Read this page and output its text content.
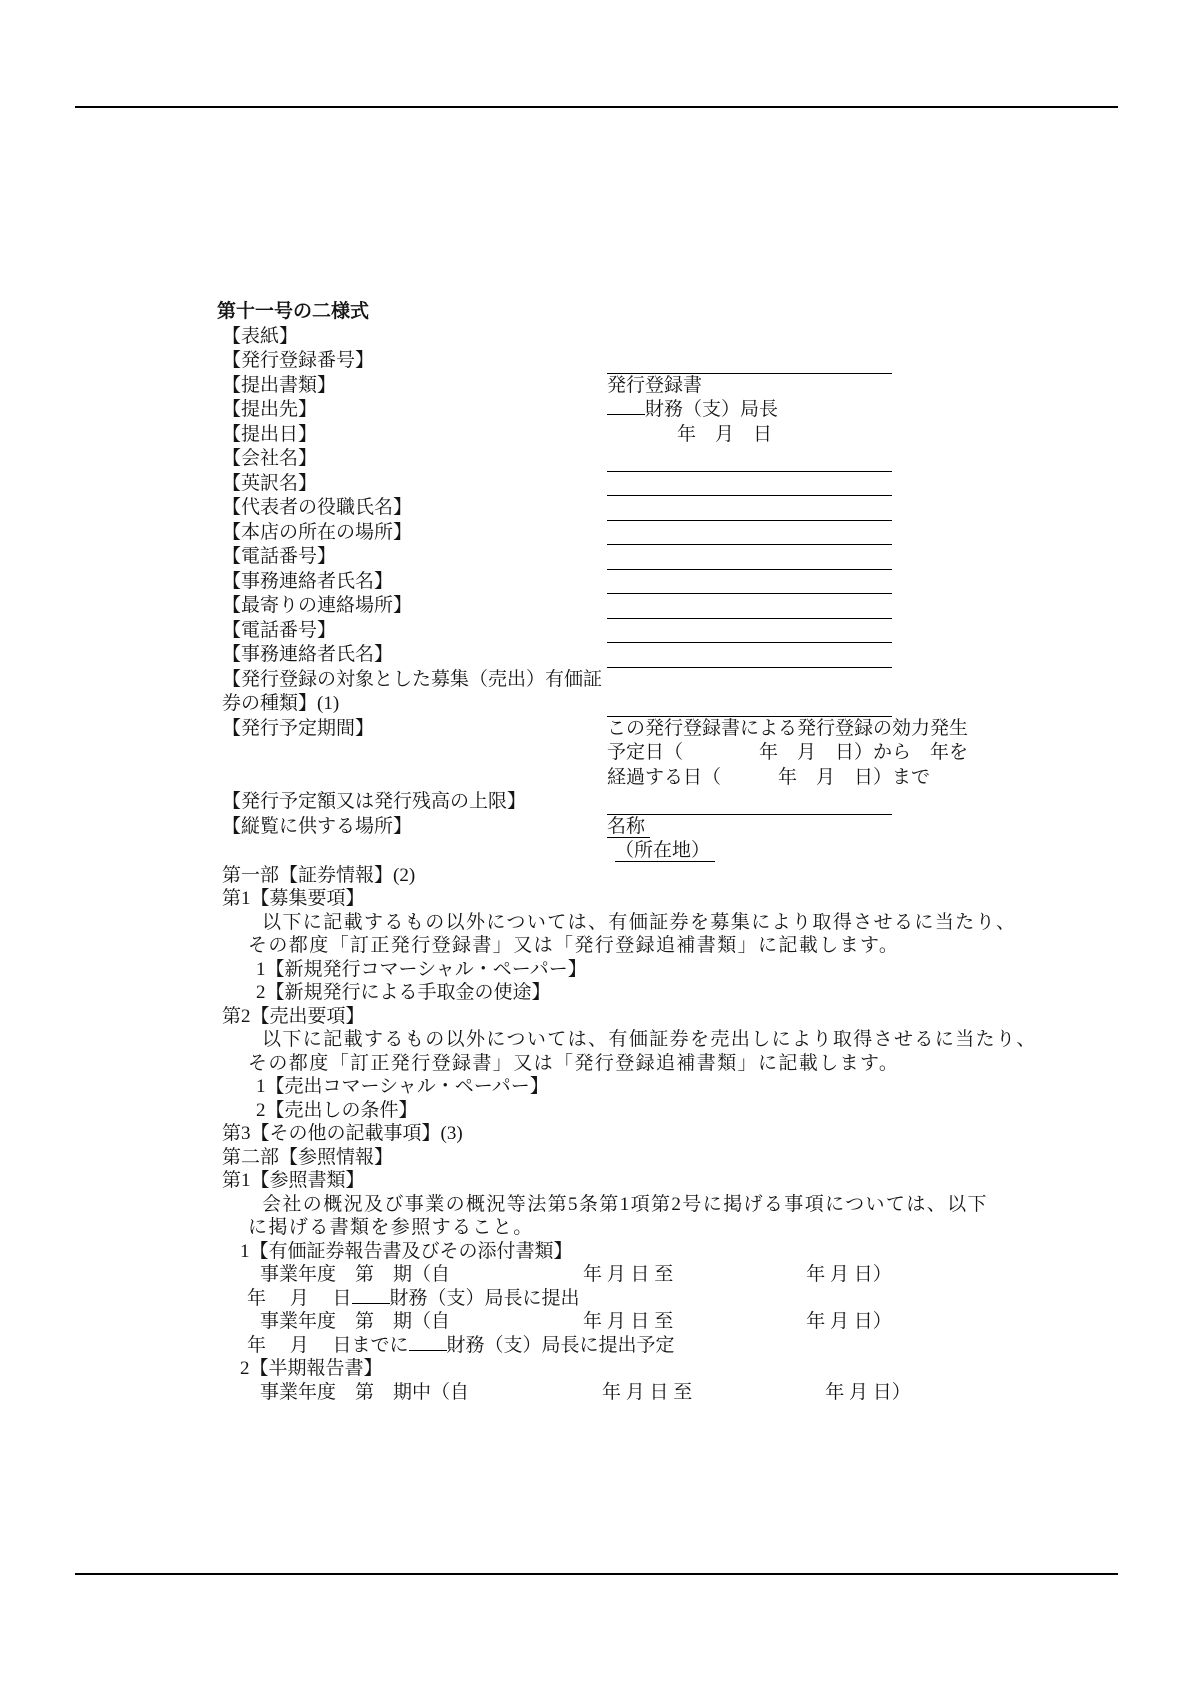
第十一号の二様式
【表紙】
【発行登録番号】
【提出書類】	発行登録書
【提出先】	財務（支）局長
【提出日】	年　月　日
【会社名】
【英訳名】
【代表者の役職氏名】
【本店の所在の場所】
【電話番号】
【事務連絡者氏名】
【最寄りの連絡場所】
【電話番号】
【事務連絡者氏名】
【発行登録の対象とした募集（売出）有価証
券の種類】(1)
【発行予定期間】	この発行登録書による発行登録の効力発生
予定日（　　　　年　月　日）から　年を
経過する日（　　　年　月　日）まで
【発行予定額又は発行残高の上限】
【縦覧に供する場所】	名称
（所在地）
第一部【証券情報】(2)
第1【募集要項】
以下に記載するもの以外については、有価証券を募集により取得させるに当たり、
その都度「訂正発行登録書」又は「発行登録追補書類」に記載します。
1【新規発行コマーシャル・ペーパー】
2【新規発行による手取金の使途】
第2【売出要項】
以下に記載するもの以外については、有価証券を売出しにより取得させるに当たり、
その都度「訂正発行登録書」又は「発行登録追補書類」に記載します。
1【売出コマーシャル・ペーパー】
2【売出しの条件】
第3【その他の記載事項】(3)
第二部【参照情報】
第1【参照書類】
会社の概況及び事業の概況等法第5条第1項第2号に掲げる事項については、以下
に掲げる書類を参照すること。
1【有価証券報告書及びその添付書類】
事業年度　第　期（自　　　　　　　年 月 日 至　　　　　　　年 月 日）
年　 月　 日 財務（支）局長に提出
事業年度　第　期（自　　　　　　　年 月 日 至　　　　　　　年 月 日）
年　 月　 日までに 財務（支）局長に提出予定
2【半期報告書】
事業年度　第　期中（自　　　　　　　年 月 日 至　　　　　　　年 月 日）
